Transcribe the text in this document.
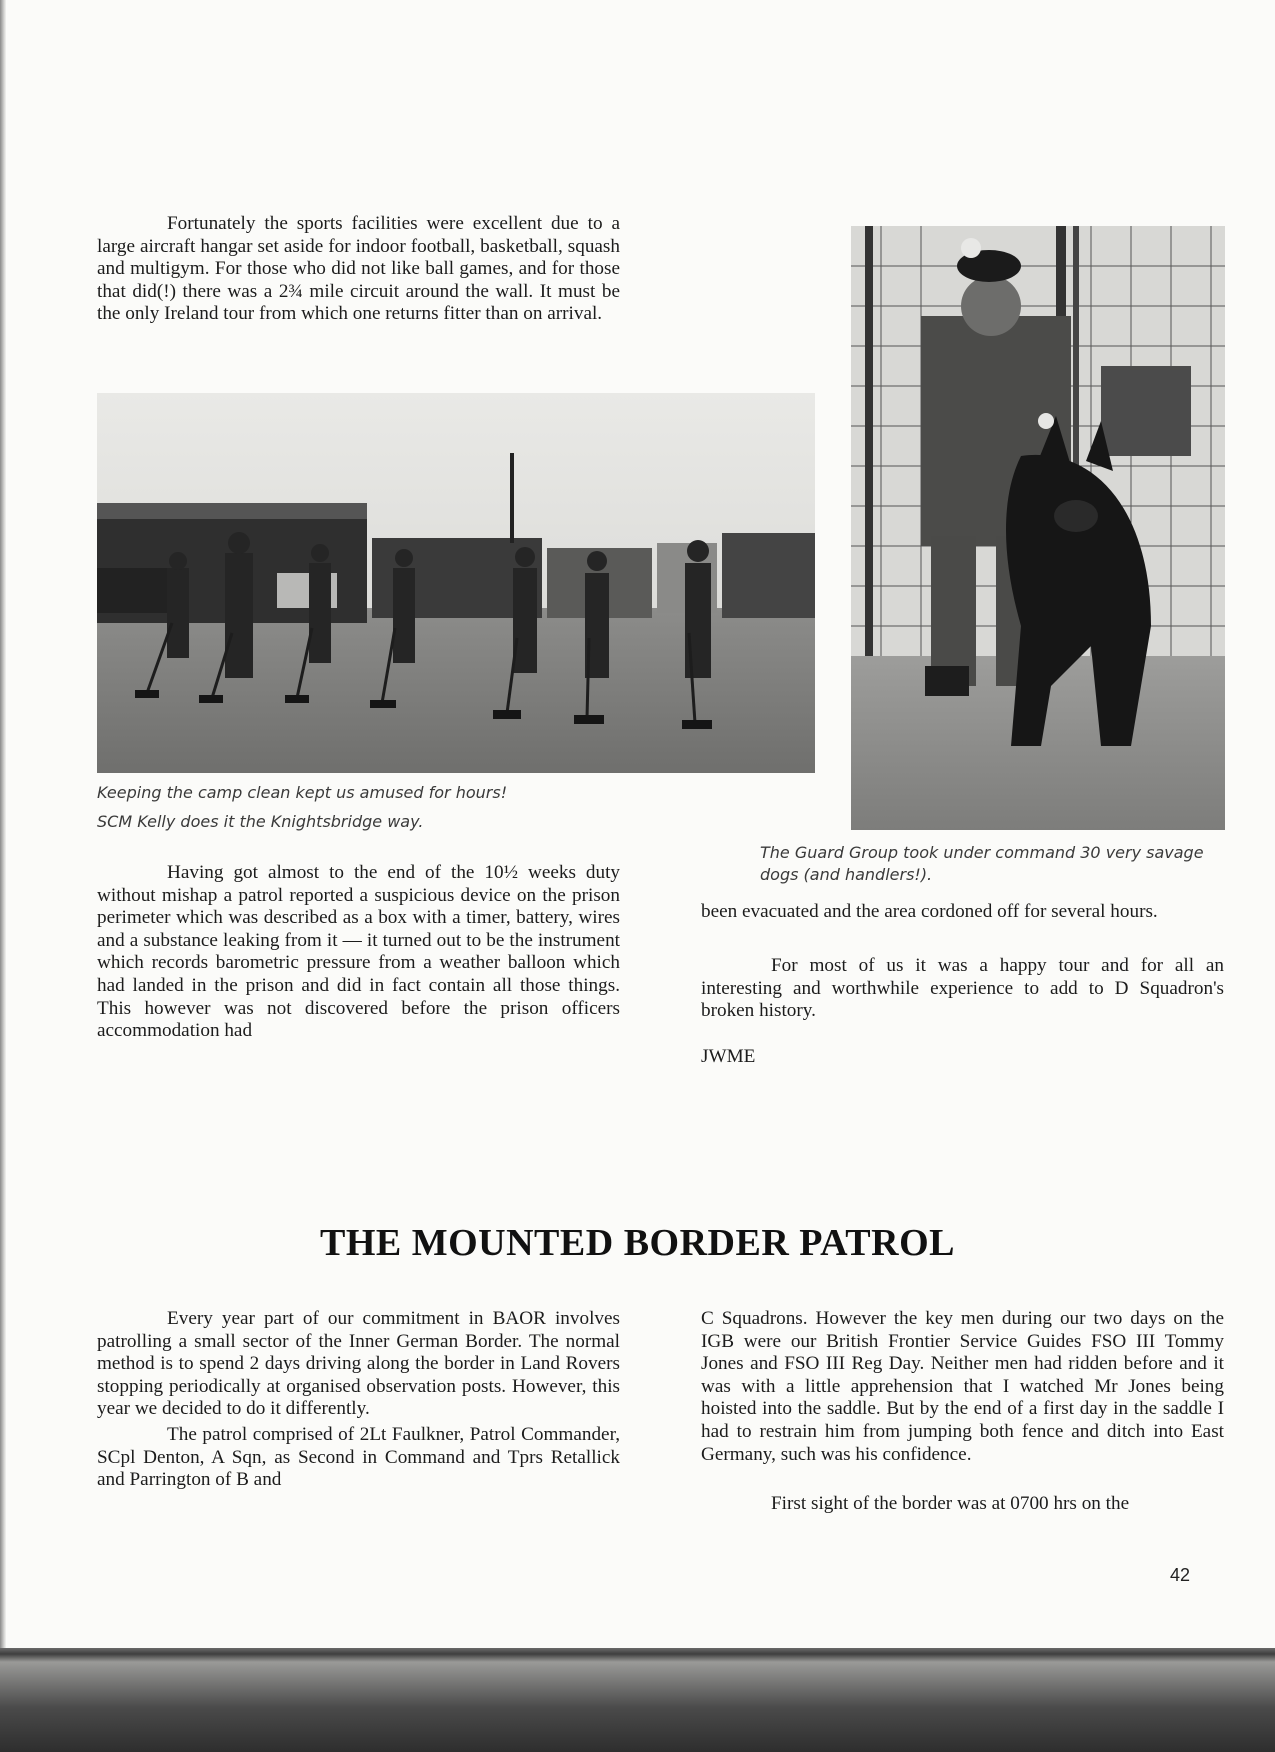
Fortunately the sports facilities were excellent due to a large aircraft hangar set aside for indoor football, basketball, squash and multigym. For those who did not like ball games, and for those that did(!) there was a 2¾ mile circuit around the wall. It must be the only Ireland tour from which one returns fitter than on arrival.

Keeping the camp clean kept us amused for hours!

SCM Kelly does it the Knightsbridge way.

The Guard Group took under command 30 very savage dogs (and handlers!).

Having got almost to the end of the 10½ weeks duty without mishap a patrol reported a suspicious device on the prison perimeter which was described as a box with a timer, battery, wires and a substance leaking from it — it turned out to be the instrument which records barometric pressure from a weather balloon which had landed in the prison and did in fact contain all those things. This however was not discovered before the prison officers accommodation had

been evacuated and the area cordoned off for several hours.

For most of us it was a happy tour and for all an interesting and worthwhile experience to add to D Squadron's broken history.

JWME

THE MOUNTED BORDER PATROL

Every year part of our commitment in BAOR involves patrolling a small sector of the Inner German Border. The normal method is to spend 2 days driving along the border in Land Rovers stopping periodically at organised observation posts. However, this year we decided to do it differently.

The patrol comprised of 2Lt Faulkner, Patrol Commander, SCpl Denton, A Sqn, as Second in Command and Tprs Retallick and Parrington of B and

C Squadrons. However the key men during our two days on the IGB were our British Frontier Service Guides FSO III Tommy Jones and FSO III Reg Day. Neither men had ridden before and it was with a little apprehension that I watched Mr Jones being hoisted into the saddle. But by the end of a first day in the saddle I had to restrain him from jumping both fence and ditch into East Germany, such was his confidence.

First sight of the border was at 0700 hrs on the

42
